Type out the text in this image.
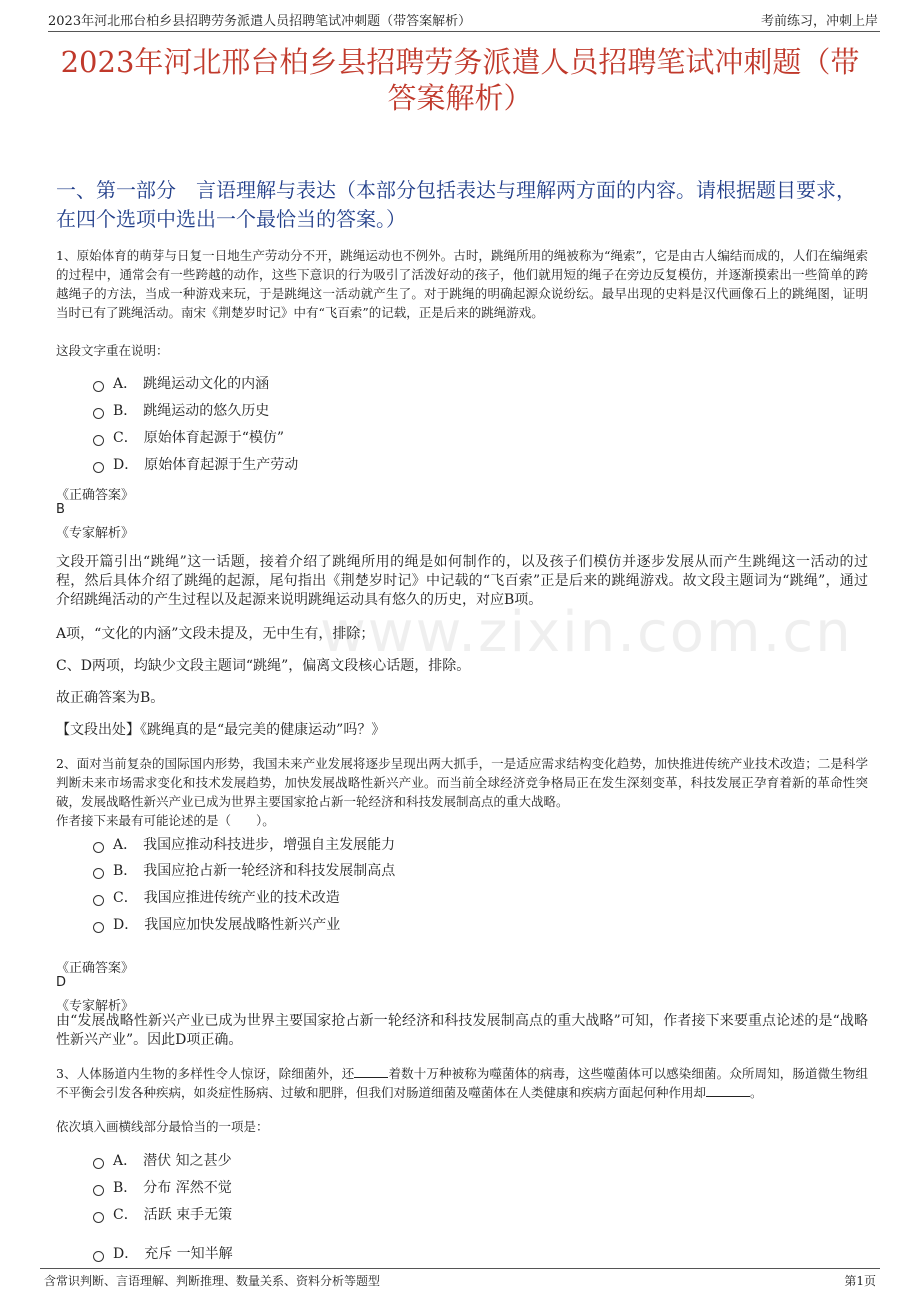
2023年河北邢台柏乡县招聘劳务派遣人员招聘笔试冲刺题（带答案解析）	考前练习，冲刺上岸
2023年河北邢台柏乡县招聘劳务派遣人员招聘笔试冲刺题（带答案解析）
一、第一部分　言语理解与表达（本部分包括表达与理解两方面的内容。请根据题目要求，在四个选项中选出一个最恰当的答案。）
www.zixin.com.cn
1、原始体育的萌芽与日复一日地生产劳动分不开，跳绳运动也不例外。古时，跳绳所用的绳被称为“绳索”，它是由古人编结而成的，人们在编绳索的过程中，通常会有一些跨越的动作，这些下意识的行为吸引了活泼好动的孩子，他们就用短的绳子在旁边反复模仿，并逐渐摸索出一些简单的跨越绳子的方法，当成一种游戏来玩，于是跳绳这一活动就产生了。对于跳绳的明确起源众说纷纭。最早出现的史料是汉代画像石上的跳绳图，证明当时已有了跳绳活动。南宋《荆楚岁时记》中有“飞百索”的记载，正是后来的跳绳游戏。
这段文字重在说明：
A． 跳绳运动文化的内涵
B． 跳绳运动的悠久历史
C． 原始体育起源于“模仿”
D． 原始体育起源于生产劳动
《正确答案》
B
《专家解析》
文段开篇引出“跳绳”这一话题，接着介绍了跳绳所用的绳是如何制作的，以及孩子们模仿并逐步发展从而产生跳绳这一活动的过程，然后具体介绍了跳绳的起源，尾句指出《荆楚岁时记》中记载的“飞百索”正是后来的跳绳游戏。故文段主题词为“跳绳”，通过介绍跳绳活动的产生过程以及起源来说明跳绳运动具有悠久的历史，对应B项。
A项，“文化的内涵”文段未提及，无中生有，排除；
C、D两项，均缺少文段主题词“跳绳”，偏离文段核心话题，排除。
故正确答案为B。
【文段出处】《跳绳真的是“最完美的健康运动”吗？》
2、面对当前复杂的国际国内形势，我国未来产业发展将逐步呈现出两大抓手，一是适应需求结构变化趋势，加快推进传统产业技术改造；二是科学判断未来市场需求变化和技术发展趋势，加快发展战略性新兴产业。而当前全球经济竞争格局正在发生深刻变革，科技发展正孕育着新的革命性突破，发展战略性新兴产业已成为世界主要国家抢占新一轮经济和科技发展制高点的重大战略。
作者接下来最有可能论述的是（　　）。
A． 我国应推动科技进步，增强自主发展能力
B． 我国应抢占新一轮经济和科技发展制高点
C． 我国应推进传统产业的技术改造
D． 我国应加快发展战略性新兴产业
《正确答案》
D
《专家解析》
由“发展战略性新兴产业已成为世界主要国家抢占新一轮经济和科技发展制高点的重大战略”可知，作者接下来要重点论述的是“战略性新兴产业”。因此D项正确。
3、人体肠道内生物的多样性令人惊讶，除细菌外，还	着数十万种被称为噬菌体的病毒，这些噬菌体可以感染细菌。众所周知，肠道微生物组不平衡会引发各种疾病，如炎症性肠病、过敏和肥胖，但我们对肠道细菌及噬菌体在人类健康和疾病方面起何种作用却	。
依次填入画横线部分最恰当的一项是：
A． 潜伏 知之甚少
B． 分布 浑然不觉
C． 活跃 束手无策
D． 充斥 一知半解
含常识判断、言语理解、判断推理、数量关系、资料分析等题型	第1页
